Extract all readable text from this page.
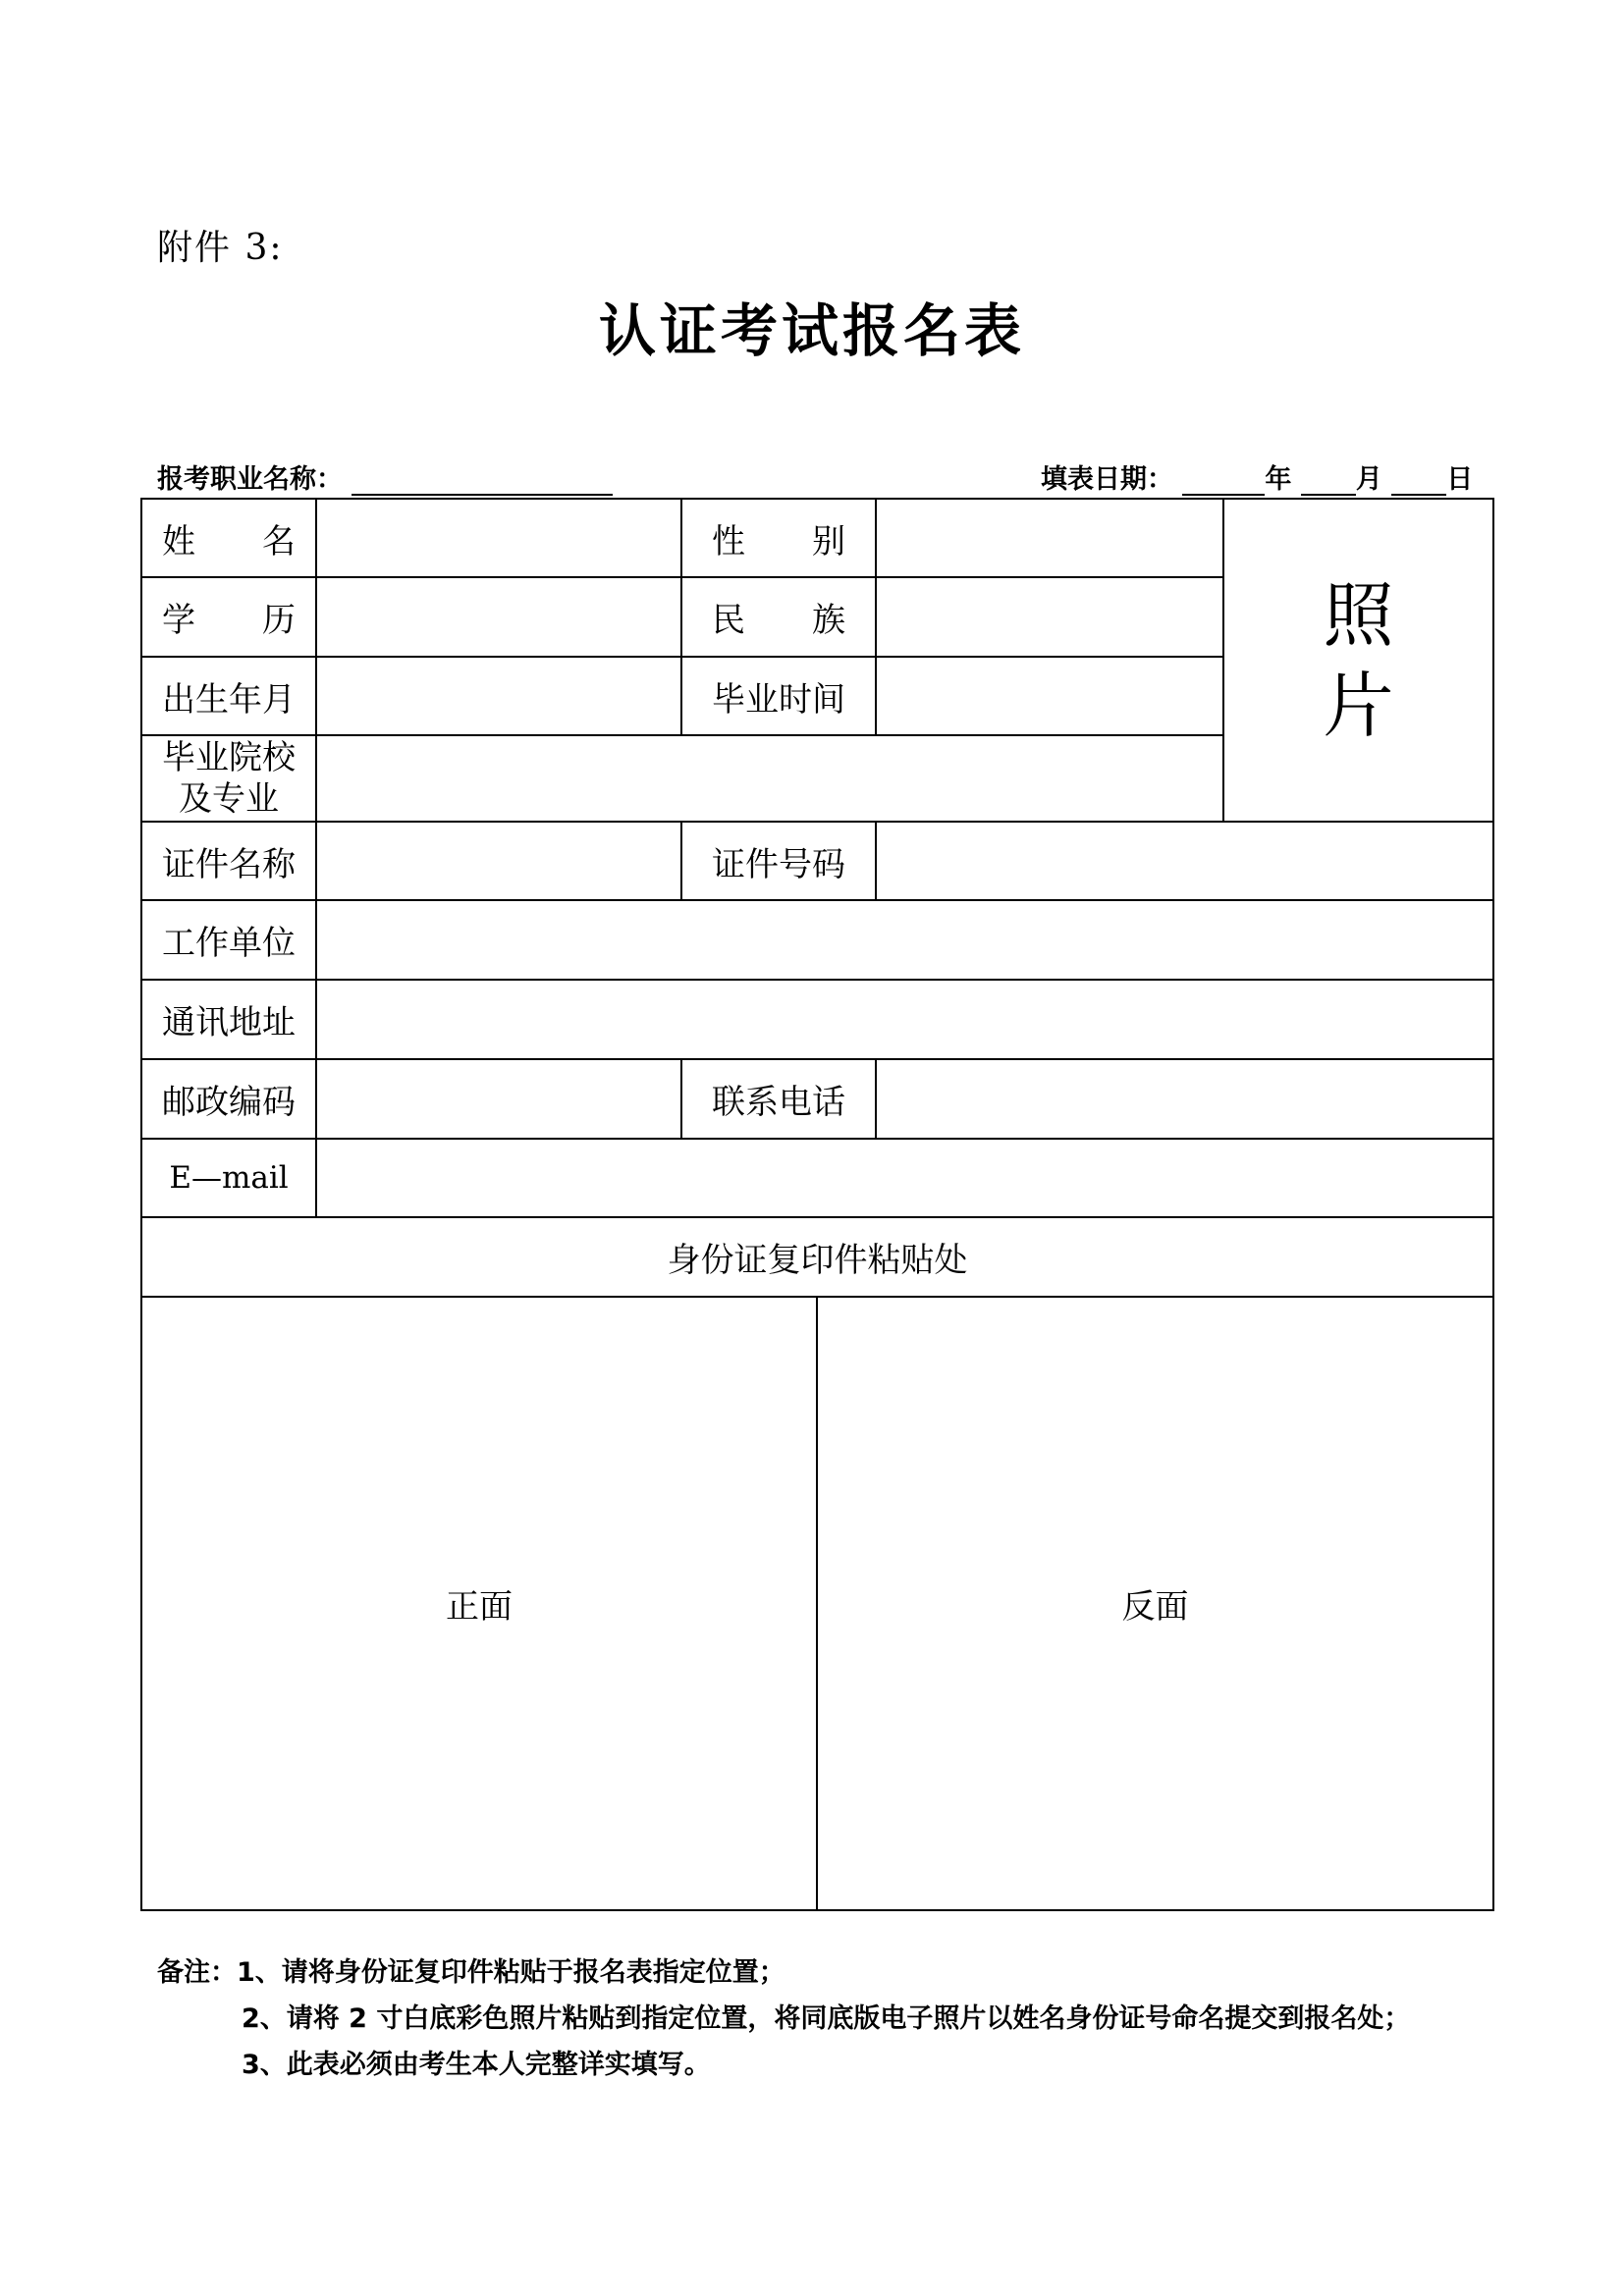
附件 3:
认证考试报名表
报考职业名称：	填表日期：	年 月 日
姓　　名	性　　别
照
片
学　　历	民　　族
出生年月	毕业时间
毕业院校
及专业
证件名称	证件号码
工作单位
通讯地址
邮政编码	联系电话
E—mail
身份证复印件粘贴处
正面	反面
备注：1、请将身份证复印件粘贴于报名表指定位置；
2、请将 2 寸白底彩色照片粘贴到指定位置，将同底版电子照片以姓名身份证号命名提交到报名处；
3、此表必须由考生本人完整详实填写。
